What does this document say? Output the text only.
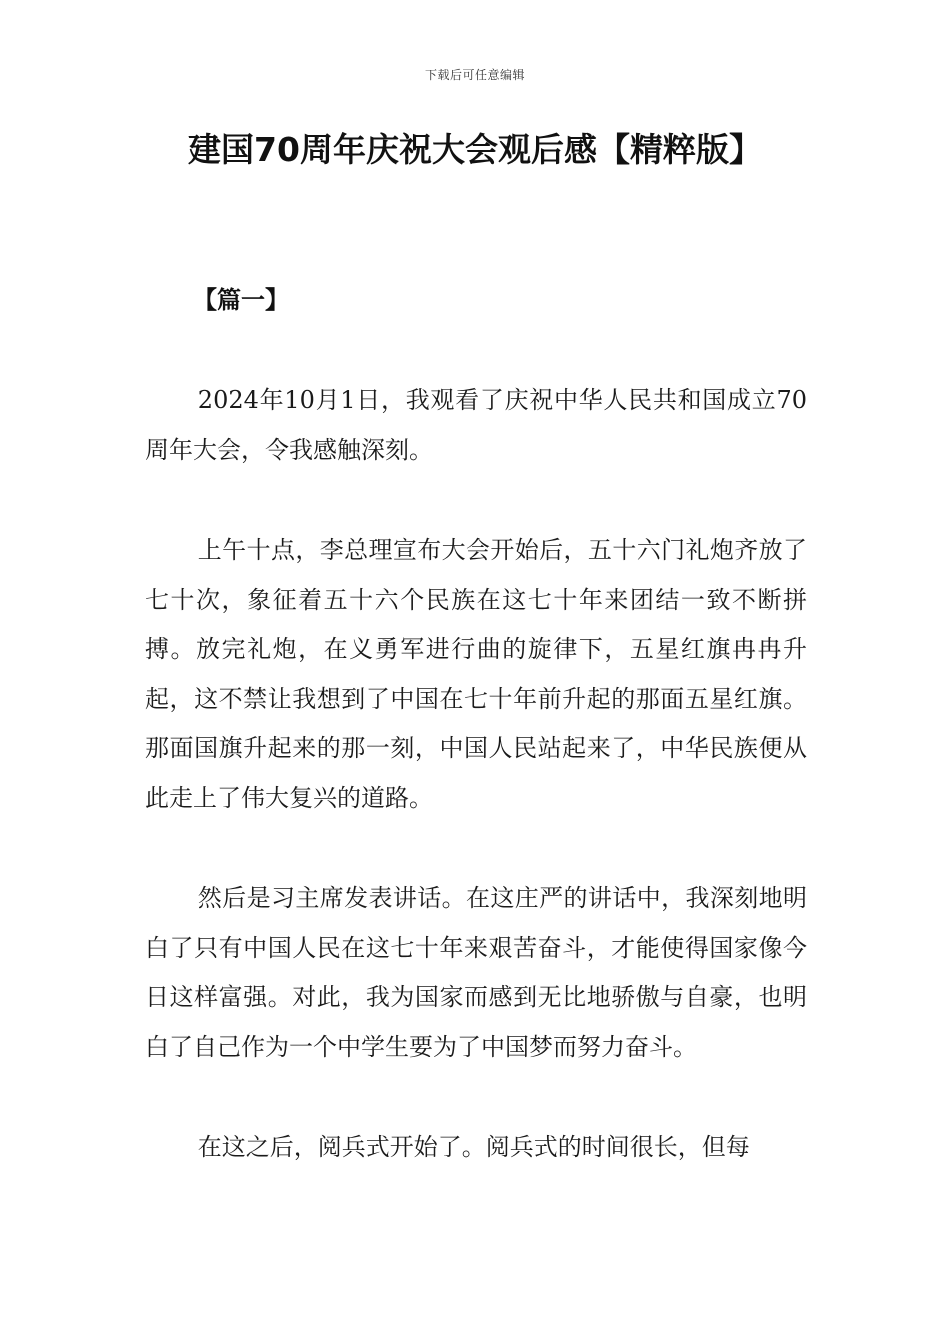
下载后可任意编辑
建国70周年庆祝大会观后感【精粹版】
【篇一】

2024年10月1日，我观看了庆祝中华人民共和国成立70周年大会，令我感触深刻。

上午十点，李总理宣布大会开始后，五十六门礼炮齐放了七十次，象征着五十六个民族在这七十年来团结一致不断拼搏。放完礼炮，在义勇军进行曲的旋律下，五星红旗冉冉升起，这不禁让我想到了中国在七十年前升起的那面五星红旗。那面国旗升起来的那一刻，中国人民站起来了，中华民族便从此走上了伟大复兴的道路。

然后是习主席发表讲话。在这庄严的讲话中，我深刻地明白了只有中国人民在这七十年来艰苦奋斗，才能使得国家像今日这样富强。对此，我为国家而感到无比地骄傲与自豪，也明白了自己作为一个中学生要为了中国梦而努力奋斗。

在这之后，阅兵式开始了。阅兵式的时间很长，但每
